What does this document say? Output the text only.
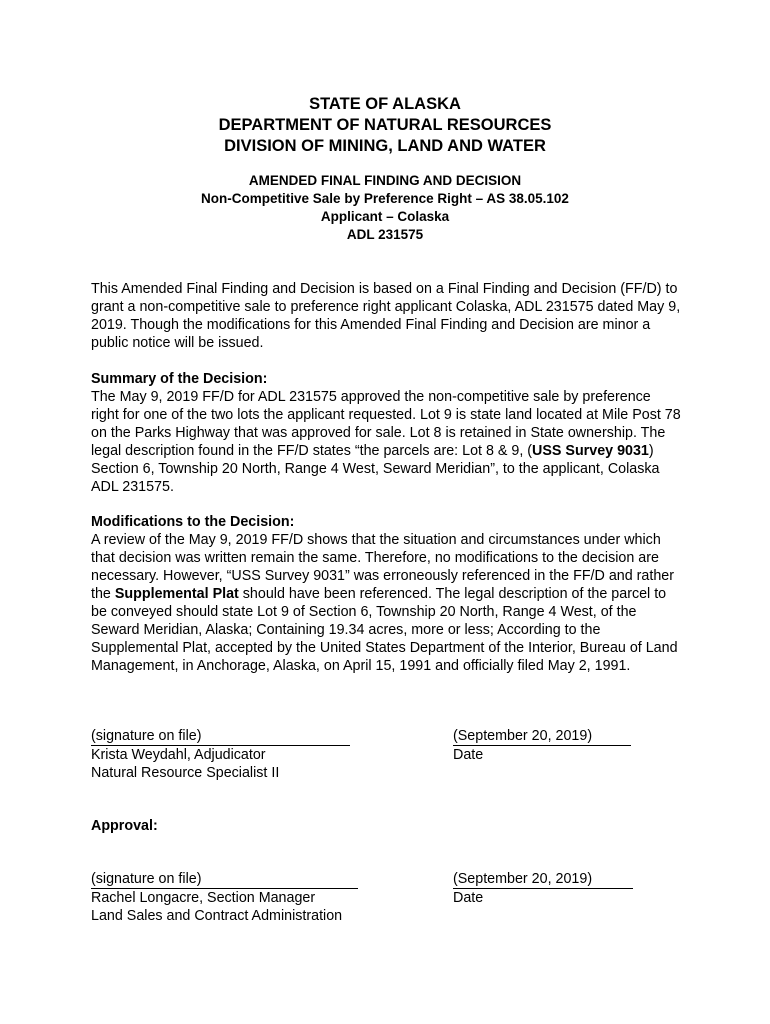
STATE OF ALASKA
DEPARTMENT OF NATURAL RESOURCES
DIVISION OF MINING, LAND AND WATER
AMENDED FINAL FINDING AND DECISION
Non-Competitive Sale by Preference Right – AS 38.05.102
Applicant – Colaska
ADL 231575
This Amended Final Finding and Decision is based on a Final Finding and Decision (FF/D) to grant a non-competitive sale to preference right applicant Colaska, ADL 231575 dated May 9, 2019. Though the modifications for this Amended Final Finding and Decision are minor a public notice will be issued.
Summary of the Decision:
The May 9, 2019 FF/D for ADL 231575 approved the non-competitive sale by preference right for one of the two lots the applicant requested. Lot 9 is state land located at Mile Post 78 on the Parks Highway that was approved for sale. Lot 8 is retained in State ownership. The legal description found in the FF/D states “the parcels are: Lot 8 & 9, (USS Survey 9031) Section 6, Township 20 North, Range 4 West, Seward Meridian”, to the applicant, Colaska ADL 231575.
Modifications to the Decision:
A review of the May 9, 2019 FF/D shows that the situation and circumstances under which that decision was written remain the same. Therefore, no modifications to the decision are necessary. However, “USS Survey 9031” was erroneously referenced in the FF/D and rather the Supplemental Plat should have been referenced. The legal description of the parcel to be conveyed should state Lot 9 of Section 6, Township 20 North, Range 4 West, of the Seward Meridian, Alaska; Containing 19.34 acres, more or less; According to the Supplemental Plat, accepted by the United States Department of the Interior, Bureau of Land Management, in Anchorage, Alaska, on April 15, 1991 and officially filed May 2, 1991.
(signature on file)
Krista Weydahl, Adjudicator
Natural Resource Specialist II
(September 20, 2019)
Date
Approval:
(signature on file)
Rachel Longacre, Section Manager
Land Sales and Contract Administration
(September 20, 2019)
Date
